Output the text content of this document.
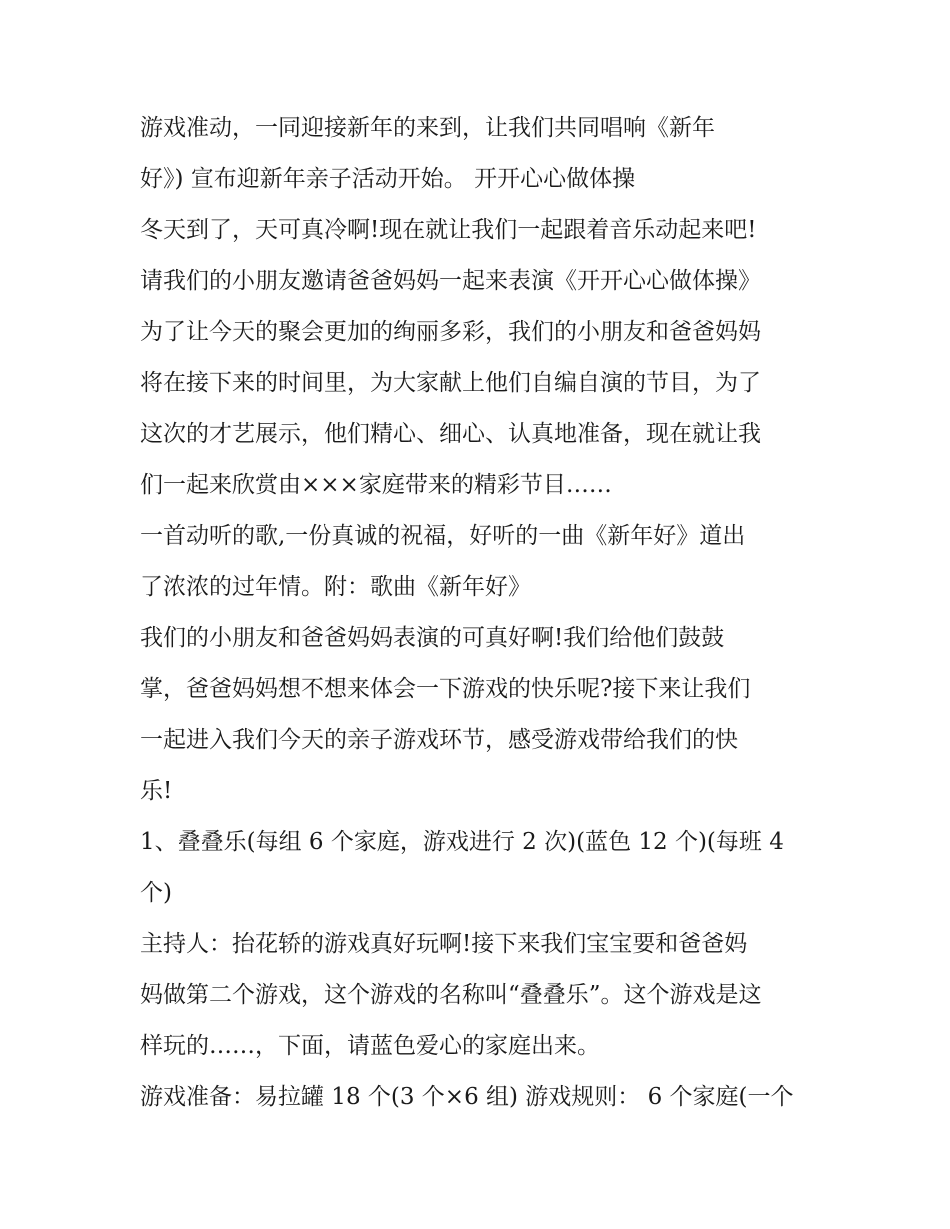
游戏准动，一同迎接新年的来到，让我们共同唱响《新年
好》) 宣布迎新年亲子活动开始。 开开心心做体操
冬天到了，天可真冷啊!现在就让我们一起跟着音乐动起来吧!
请我们的小朋友邀请爸爸妈妈一起来表演《开开心心做体操》
为了让今天的聚会更加的绚丽多彩，我们的小朋友和爸爸妈妈
将在接下来的时间里，为大家献上他们自编自演的节目，为了
这次的才艺展示，他们精心、细心、认真地准备，现在就让我
们一起来欣赏由×××家庭带来的精彩节目……
一首动听的歌,一份真诚的祝福，好听的一曲《新年好》道出
了浓浓的过年情。附：歌曲《新年好》
我们的小朋友和爸爸妈妈表演的可真好啊!我们给他们鼓鼓
掌，爸爸妈妈想不想来体会一下游戏的快乐呢?接下来让我们
一起进入我们今天的亲子游戏环节，感受游戏带给我们的快
乐!
1、叠叠乐(每组 6 个家庭，游戏进行 2 次)(蓝色 12 个)(每班 4
个)
主持人：抬花轿的游戏真好玩啊!接下来我们宝宝要和爸爸妈
妈做第二个游戏，这个游戏的名称叫“叠叠乐”。这个游戏是这
样玩的……，下面，请蓝色爱心的家庭出来。
游戏准备：易拉罐 18 个(3 个×6 组) 游戏规则： 6 个家庭(一个
